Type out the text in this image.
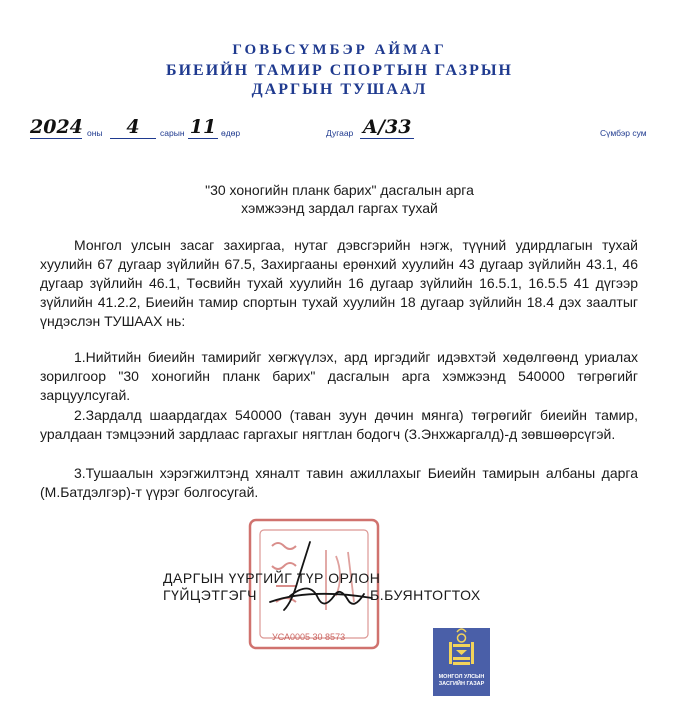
ГОВЬСҮМБЭР АЙМАГ
БИЕИЙН ТАМИР СПОРТЫН ГАЗРЫН
ДАРГЫН ТУШААЛ
2024 оны	4	сарын 11 өдөр	Дугаар А/33	Сүмбэр сум
"30 хоногийн планк барих" дасгалын арга
хэмжээнд зардал гаргах тухай

Монгол улсын засаг захиргаа, нутаг дэвсгэрийн нэгж, түүний удирдлагын тухай хуулийн 67 дугаар зүйлийн 67.5, Захиргааны ерөнхий хуулийн 43 дугаар зүйлийн 43.1, 46 дугаар зүйлийн 46.1, Төсвийн тухай хуулийн 16 дугаар зүйлийн 16.5.1, 16.5.5 41 дүгээр зүйлийн 41.2.2, Биеийн тамир спортын тухай хуулийн 18 дугаар зүйлийн 18.4 дэх заалтыг үндэслэн ТУШААХ нь:

1.Нийтийн биеийн тамирийг хөгжүүлэх, ард иргэдийг идэвхтэй хөдөлгөөнд уриалах зорилгоор "30 хоногийн планк барих" дасгалын арга хэмжээнд 540000 төгрөгийг зарцуулсугай.

2.Зардалд шаардагдах 540000 (таван зуун дөчин мянга) төгрөгийг биеийн тамир, уралдаан тэмцээний зардлаас гаргахыг нягтлан бодогч (З.Энхжаргалд)-д зөвшөөрсүгэй.

3.Тушаалын хэрэгжилтэнд хяналт тавин ажиллахыг Биеийн тамирын албаны дарга (М.Батдэлгэр)-т үүрэг болгосугай.

УСА0005 30 8573
ДАРГЫН ҮҮРГИЙГ ТҮР ОРЛОН
ГҮЙЦЭТГЭГЧ	Б.БУЯНТОГТОХ
МОНГОЛ УЛСЫН
ЗАСГИЙН ГАЗАР
